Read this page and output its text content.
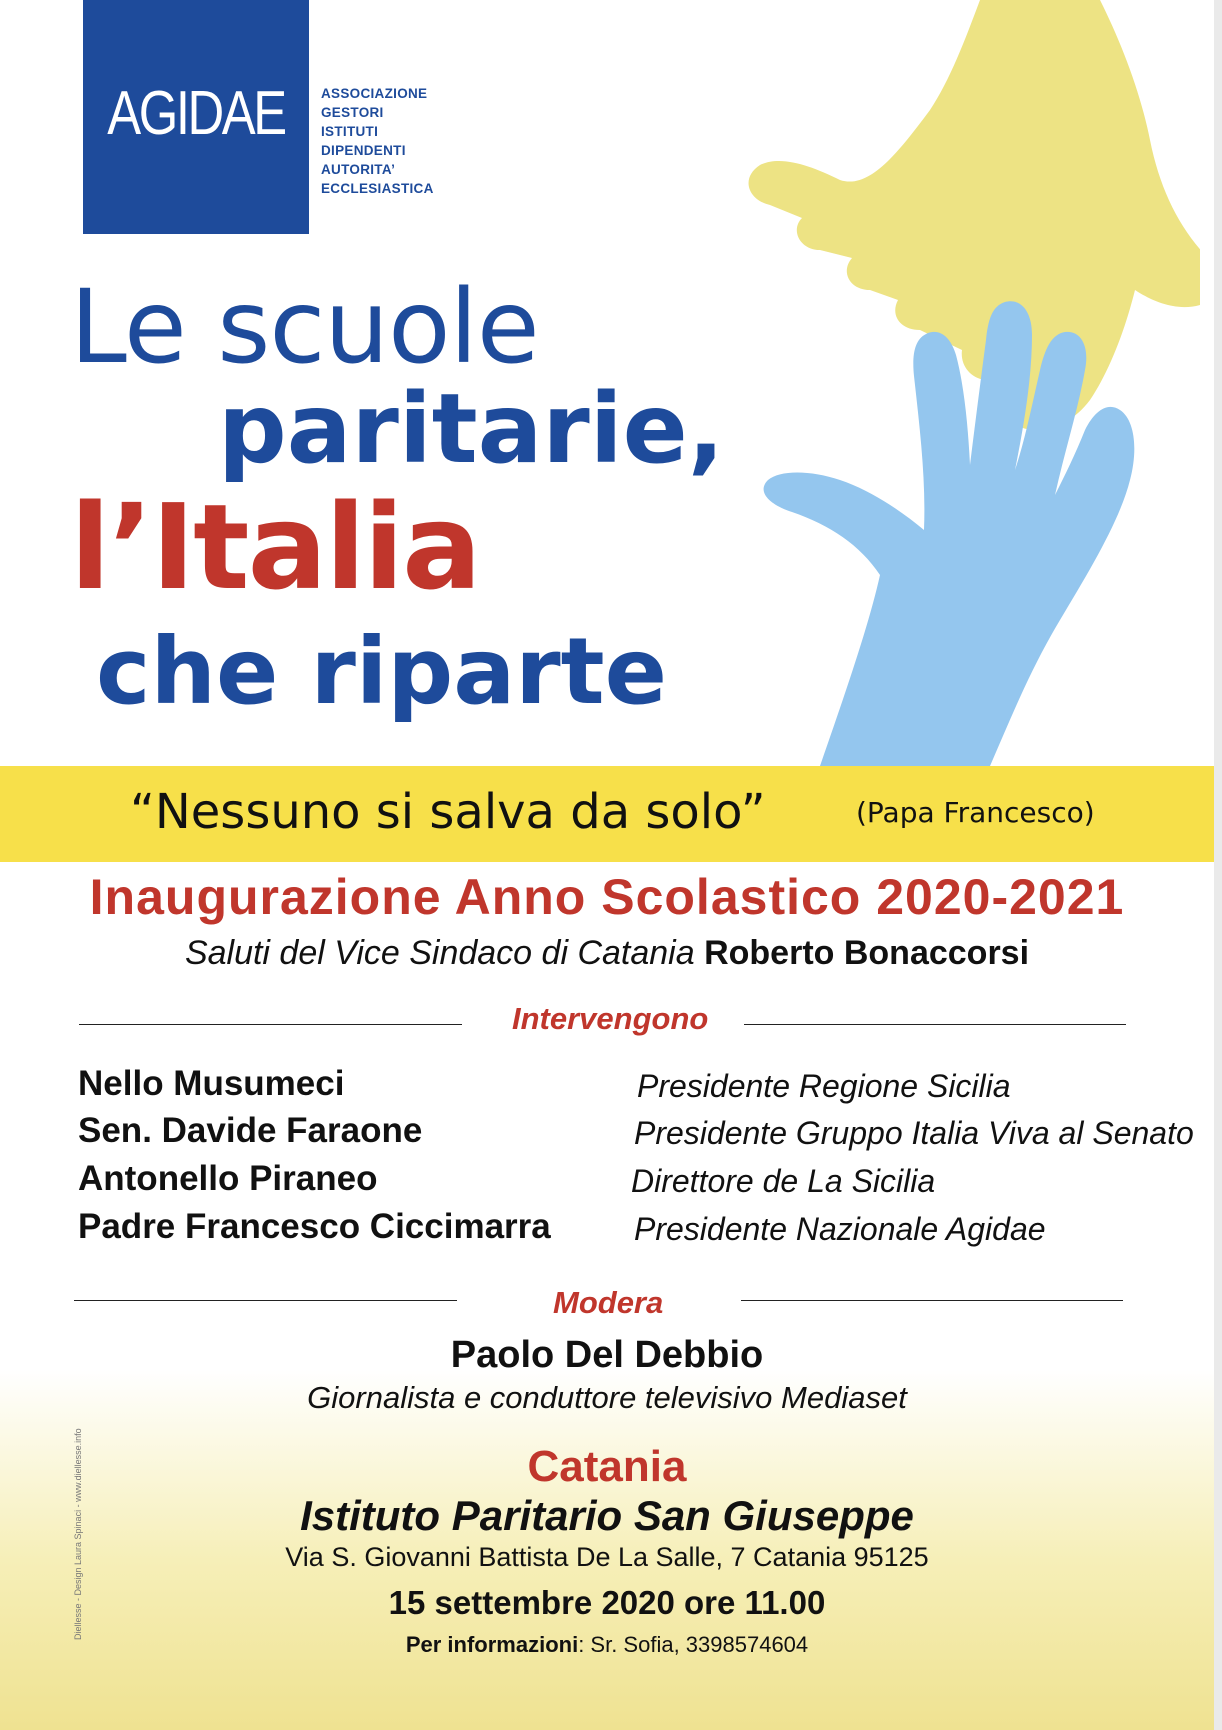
AGIDAE	ASSOCIAZIONE
GESTORI
ISTITUTI
DIPENDENTI
AUTORITA’
ECCLESIASTICA
Le scuole
paritarie,
l’Italia
che riparte
“Nessuno si salva da solo”	(Papa Francesco)
Inaugurazione Anno Scolastico 2020-2021
Saluti del Vice Sindaco di Catania Roberto Bonaccorsi
Intervengono
Nello Musumeci	Presidente Regione Sicilia
Sen. Davide Faraone	Presidente Gruppo Italia Viva al Senato
Antonello Piraneo	Direttore de La Sicilia
Padre Francesco Ciccimarra	Presidente Nazionale Agidae
Modera
Paolo Del Debbio
Giornalista e conduttore televisivo Mediaset
Catania
Istituto Paritario San Giuseppe
Via S. Giovanni Battista De La Salle, 7 Catania 95125
15 settembre 2020 ore 11.00
Per informazioni: Sr. Sofia, 3398574604
Diellesse - Design Laura Spinaci - www.diellesse.info
